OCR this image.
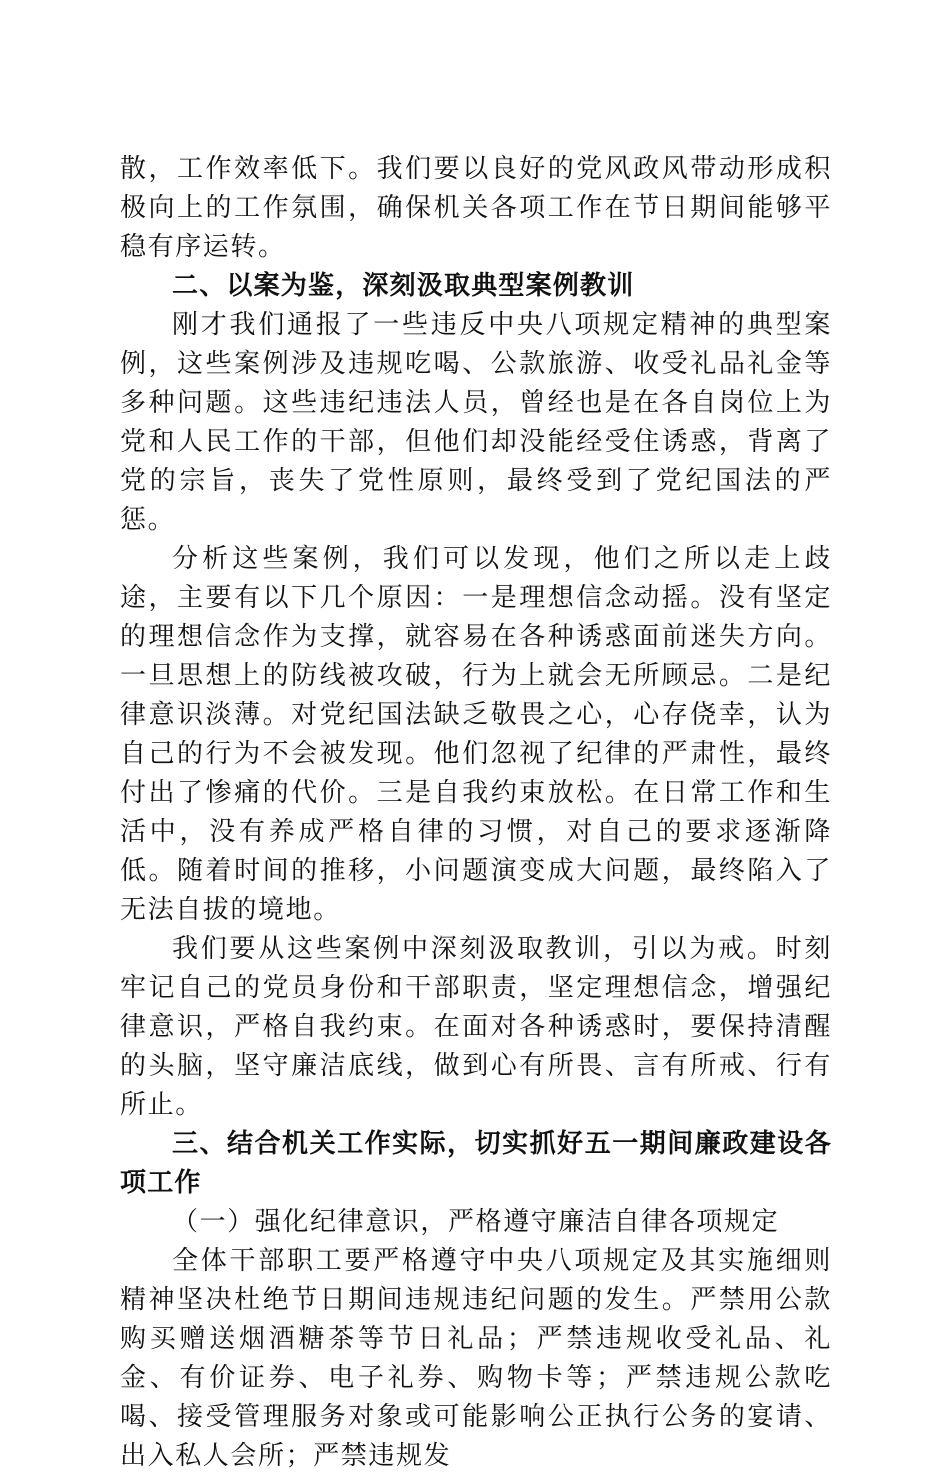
散，工作效率低下。我们要以良好的党风政风带动形成积极向上的工作氛围，确保机关各项工作在节日期间能够平稳有序运转。

二、以案为鉴，深刻汲取典型案例教训

刚才我们通报了一些违反中央八项规定精神的典型案例，这些案例涉及违规吃喝、公款旅游、收受礼品礼金等多种问题。这些违纪违法人员，曾经也是在各自岗位上为党和人民工作的干部，但他们却没能经受住诱惑，背离了党的宗旨，丧失了党性原则，最终受到了党纪国法的严惩。

分析这些案例，我们可以发现，他们之所以走上歧途，主要有以下几个原因：一是理想信念动摇。没有坚定的理想信念作为支撑，就容易在各种诱惑面前迷失方向。一旦思想上的防线被攻破，行为上就会无所顾忌。二是纪律意识淡薄。对党纪国法缺乏敬畏之心，心存侥幸，认为自己的行为不会被发现。他们忽视了纪律的严肃性，最终付出了惨痛的代价。三是自我约束放松。在日常工作和生活中，没有养成严格自律的习惯，对自己的要求逐渐降低。随着时间的推移，小问题演变成大问题，最终陷入了无法自拔的境地。

我们要从这些案例中深刻汲取教训，引以为戒。时刻牢记自己的党员身份和干部职责，坚定理想信念，增强纪律意识，严格自我约束。在面对各种诱惑时，要保持清醒的头脑，坚守廉洁底线，做到心有所畏、言有所戒、行有所止。

三、结合机关工作实际，切实抓好五一期间廉政建设各项工作

（一）强化纪律意识，严格遵守廉洁自律各项规定

全体干部职工要严格遵守中央八项规定及其实施细则精神坚决杜绝节日期间违规违纪问题的发生。严禁用公款购买赠送烟酒糖茶等节日礼品；严禁违规收受礼品、礼金、有价证券、电子礼券、购物卡等；严禁违规公款吃喝、接受管理服务对象或可能影响公正执行公务的宴请、出入私人会所；严禁违规发
